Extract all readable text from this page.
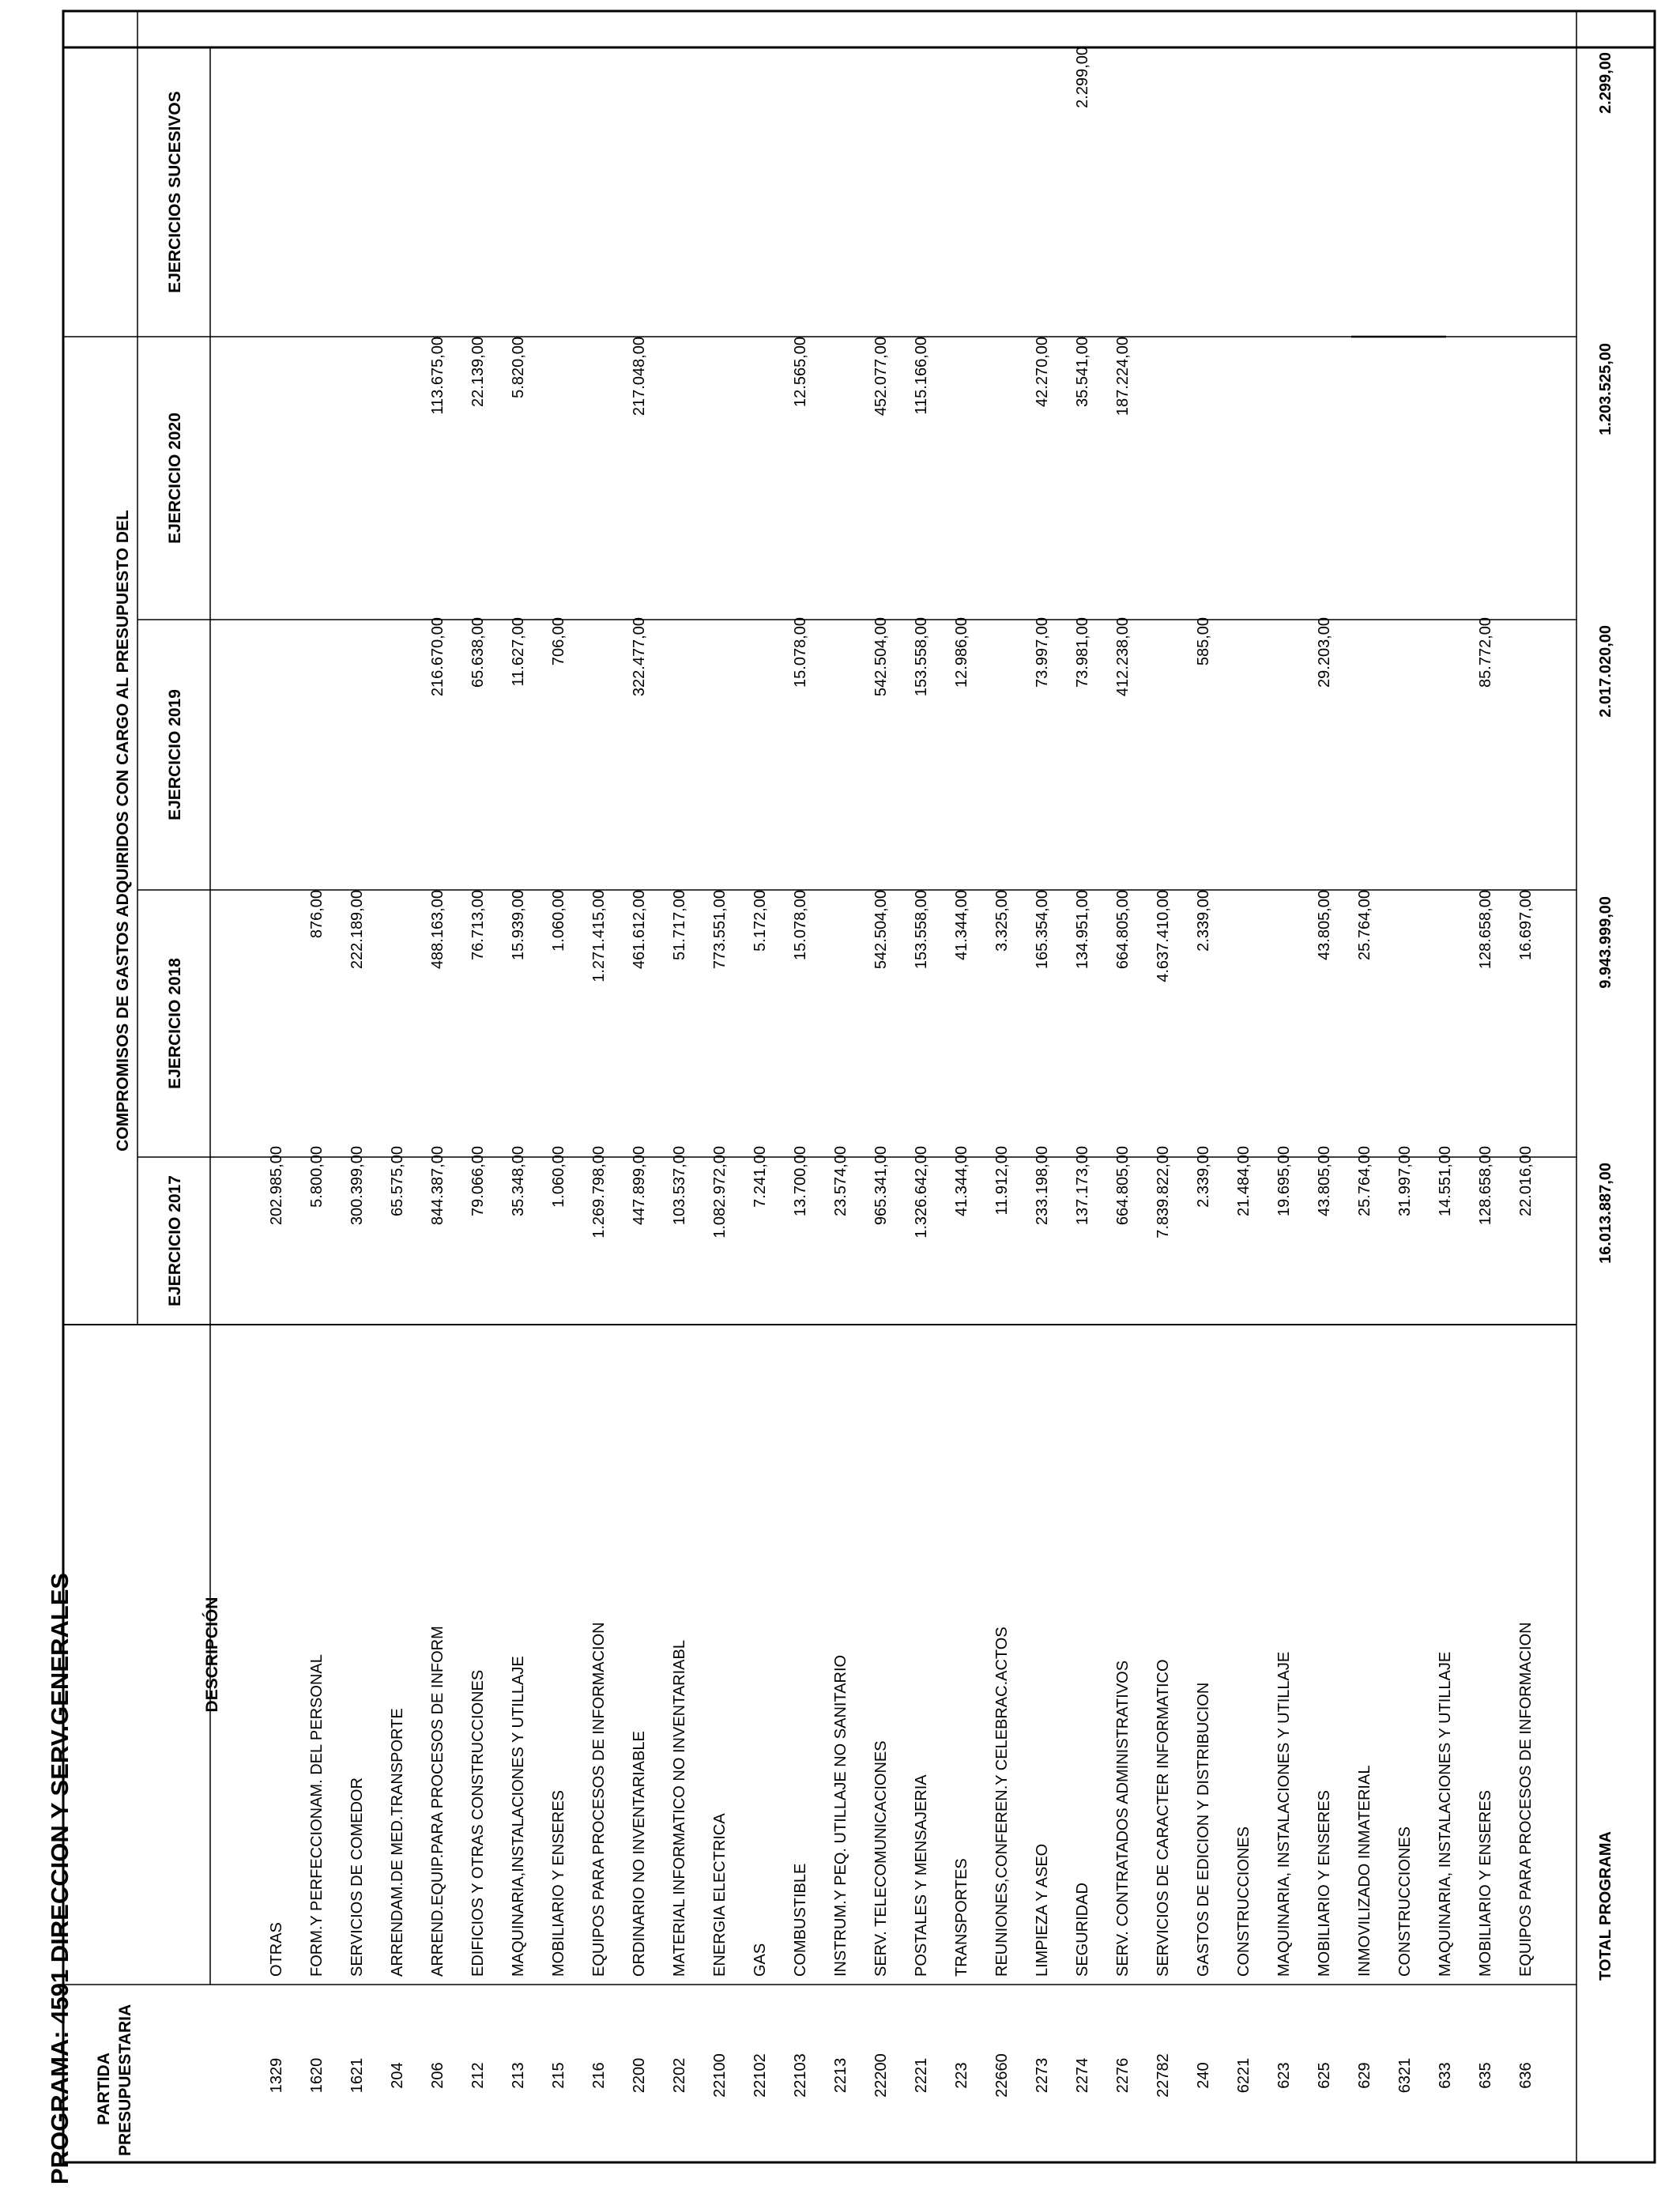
PROGRAMA: 4591 DIRECCION Y SERV.GENERALES PARTIDA PRESUPUESTARIA
DESCRIPCIÓN
COMPROMISOS DE GASTOS ADQUIRIDOS CON CARGO AL PRESUPUESTO DEL
EJERCICIO 2017
EJERCICIO 2018
EJERCICIO 2019
EJERCICIO 2020
EJERCICIOS SUCESIVOS
1329
OTRAS
202.985,00
1620
FORM.Y PERFECCIONAM. DEL PERSONAL
5.800,00
876,00
1621
SERVICIOS DE COMEDOR
300.399,00
222.189,00
204
ARRENDAM.DE MED.TRANSPORTE
65.575,00
206
ARREND.EQUIP.PARA PROCESOS DE INFORM
844.387,00
488.163,00
216.670,00
113.675,00
212
EDIFICIOS Y OTRAS CONSTRUCCIONES
79.066,00
76.713,00
65.638,00
22.139,00
213
MAQUINARIA,INSTALACIONES Y UTILLAJE
35.348,00
15.939,00
11.627,00
5.820,00
215
MOBILIARIO Y ENSERES
1.060,00
1.060,00
706,00
216
EQUIPOS PARA PROCESOS DE INFORMACION
1.269.798,00
1.271.415,00
2200
ORDINARIO NO INVENTARIABLE
447.899,00
461.612,00
322.477,00
217.048,00
2202
MATERIAL INFORMATICO NO INVENTARIABL
103.537,00
51.717,00
22100
ENERGIA ELECTRICA
1.082.972,00
773.551,00
22102
GAS
7.241,00
5.172,00
22103
COMBUSTIBLE
13.700,00
15.078,00
15.078,00
12.565,00
2213
INSTRUM.Y PEQ. UTILLAJE NO SANITARIO
23.574,00
22200
SERV. TELECOMUNICACIONES
965.341,00
542.504,00
542.504,00
452.077,00
2221
POSTALES Y MENSAJERIA
1.326.642,00
153.558,00
153.558,00
115.166,00
223
TRANSPORTES
41.344,00
41.344,00
12.986,00
22660
REUNIONES,CONFEREN.Y CELEBRAC.ACTOS
11.912,00
3.325,00
2273
LIMPIEZA Y ASEO
233.198,00
165.354,00
73.997,00
42.270,00
2274
SEGURIDAD
137.173,00
134.951,00
73.981,00
35.541,00
2.299,00
2276
SERV. CONTRATADOS ADMINISTRATIVOS
664.805,00
664.805,00
412.238,00
187.224,00
22782
SERVICIOS DE CARACTER INFORMATICO
7.839.822,00
4.637.410,00
240
GASTOS DE EDICION Y DISTRIBUCION
2.339,00
2.339,00
585,00
6221
CONSTRUCCIONES
21.484,00
623
MAQUINARIA, INSTALACIONES Y UTILLAJE
19.695,00
625
MOBILIARIO Y ENSERES
43.805,00
43.805,00
29.203,00
629
INMOVILIZADO INMATERIAL
25.764,00
25.764,00
6321
CONSTRUCCIONES
31.997,00
633
MAQUINARIA, INSTALACIONES Y UTILLAJE
14.551,00
635
MOBILIARIO Y ENSERES
128.658,00
128.658,00
85.772,00
636
EQUIPOS PARA PROCESOS DE INFORMACION
22.016,00
16.697,00
TOTAL PROGRAMA
16.013.887,00
9.943.999,00
2.017.020,00
1.203.525,00
2.299,00
